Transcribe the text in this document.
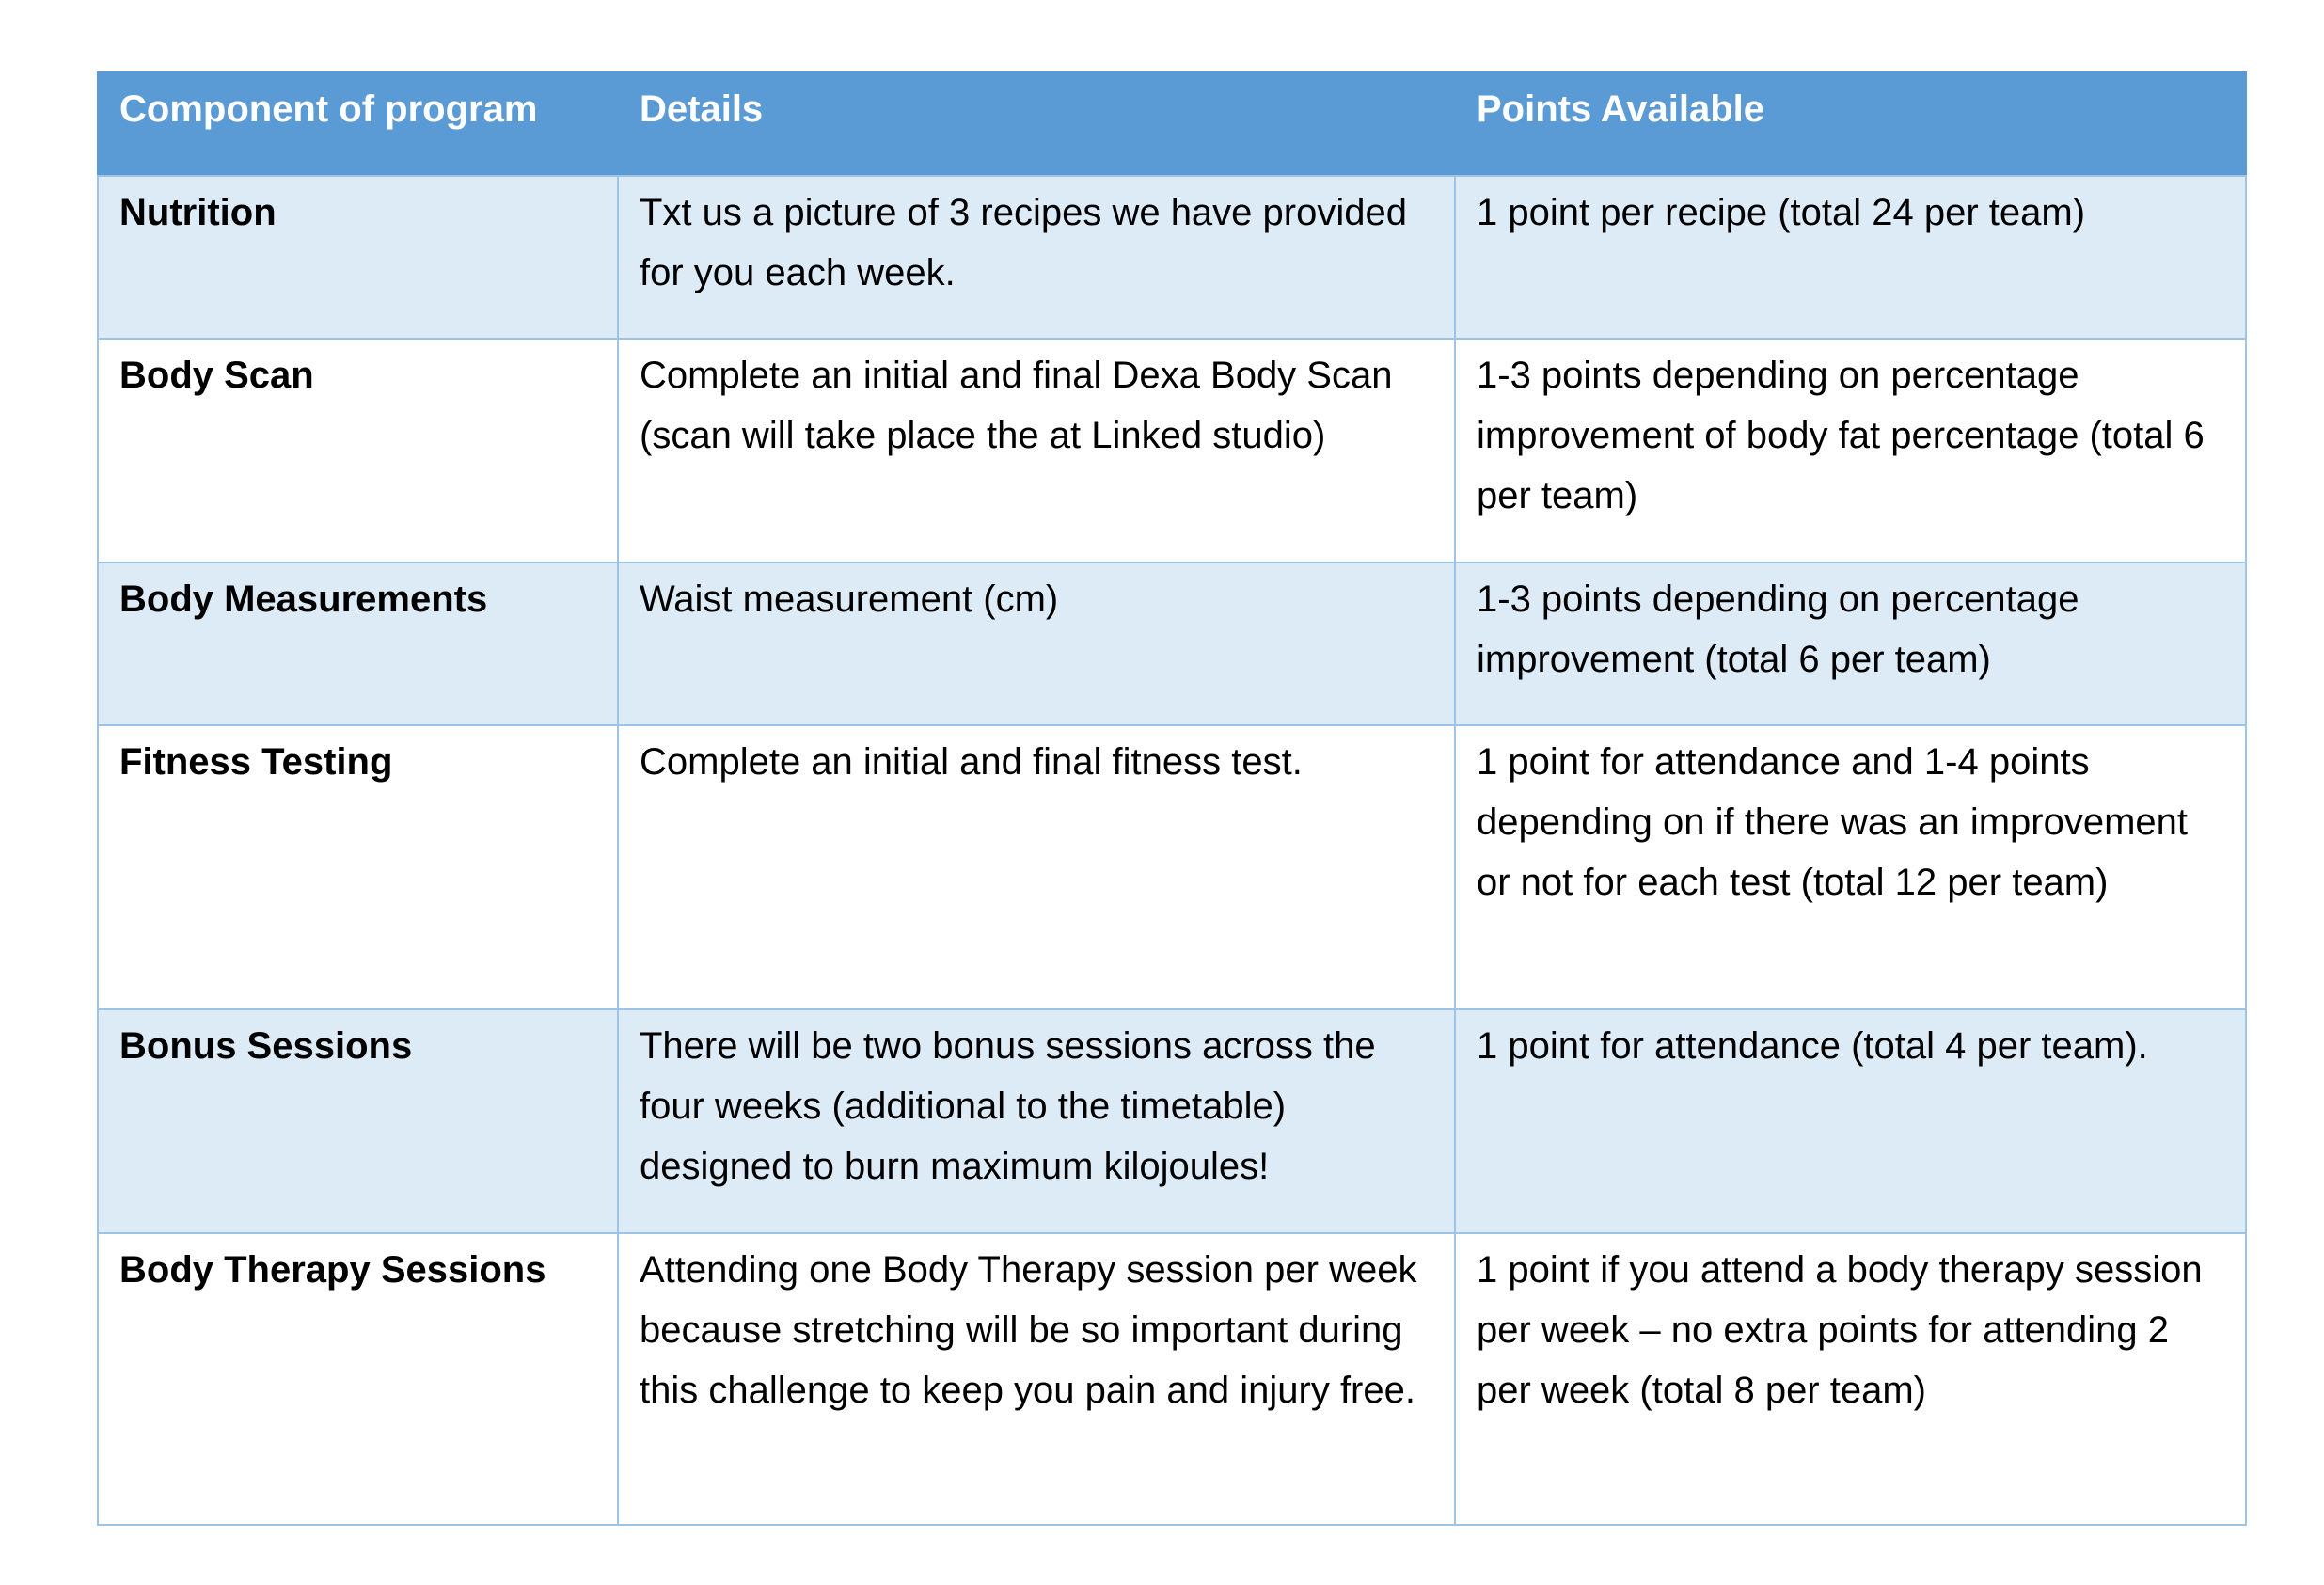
Component of program	Details	Points Available
Nutrition	Txt us a picture of 3 recipes we have provided for you each week.	1 point per recipe (total 24 per team)
Body Scan	Complete an initial and final Dexa Body Scan (scan will take place the at Linked studio)	1-3 points depending on percentage improvement of body fat percentage (total 6 per team)
Body Measurements	Waist measurement (cm)	1-3 points depending on percentage improvement (total 6 per team)
Fitness Testing	Complete an initial and final fitness test.	1 point for attendance and 1-4 points depending on if there was an improvement or not for each test (total 12 per team)
Bonus Sessions	There will be two bonus sessions across the four weeks (additional to the timetable) designed to burn maximum kilojoules!	1 point for attendance (total 4 per team).
Body Therapy Sessions	Attending one Body Therapy session per week because stretching will be so important during this challenge to keep you pain and injury free.	1 point if you attend a body therapy session per week – no extra points for attending 2 per week (total 8 per team)
